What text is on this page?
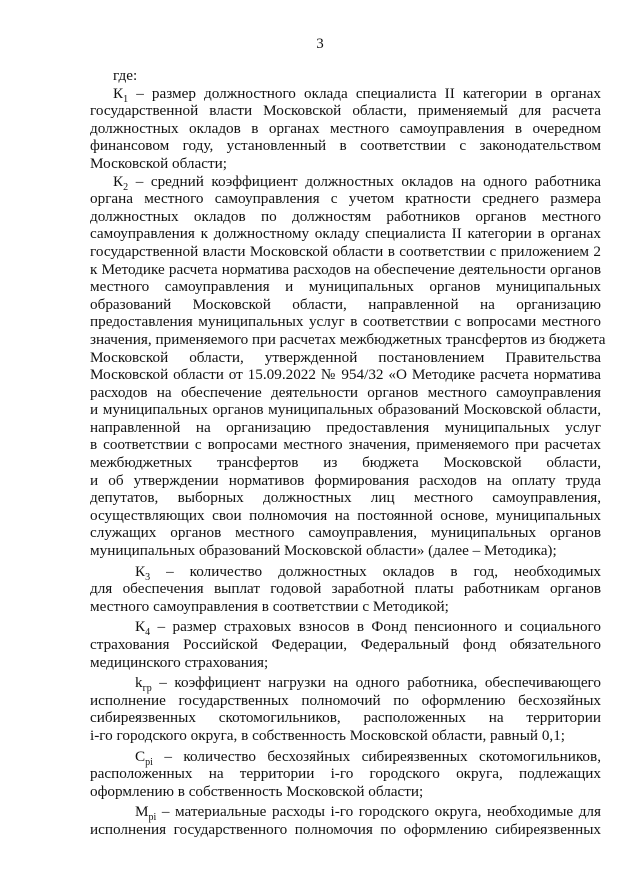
3
где:
$К_1$ – размер должностного оклада специалиста II категории в органах
государственной власти Московской области, применяемый для расчета
должностных окладов в органах местного самоуправления в очередном
финансовом году, установленный в соответствии с законодательством
Московской области;
$К_2$ – средний коэффициент должностных окладов на одного работника
органа местного самоуправления с учетом кратности среднего размера
должностных окладов по должностям работников органов местного
самоуправления к должностному окладу специалиста II категории в органах
государственной власти Московской области в соответствии с приложением 2
к Методике расчета норматива расходов на обеспечение деятельности органов
местного самоуправления и муниципальных органов муниципальных
образований Московской области, направленной на организацию
предоставления муниципальных услуг в соответствии с вопросами местного
значения, применяемого при расчетах межбюджетных трансфертов из бюджета
Московской области, утвержденной постановлением Правительства
Московской области от 15.09.2022 № 954/32 «О Методике расчета норматива
расходов на обеспечение деятельности органов местного самоуправления
и муниципальных органов муниципальных образований Московской области,
направленной на организацию предоставления муниципальных услуг
в соответствии с вопросами местного значения, применяемого при расчетах
межбюджетных трансфертов из бюджета Московской области,
и об утверждении нормативов формирования расходов на оплату труда
депутатов, выборных должностных лиц местного самоуправления,
осуществляющих свои полномочия на постоянной основе, муниципальных
служащих органов местного самоуправления, муниципальных органов
муниципальных образований Московской области» (далее – Методика);
$К_3$ – количество должностных окладов в год, необходимых
для обеспечения выплат годовой заработной платы работникам органов
местного самоуправления в соответствии с Методикой;
$К_4$ – размер страховых взносов в Фонд пенсионного и социального
страхования Российской Федерации, Федеральный фонд обязательного
медицинского страхования;
$k_{гр}$ – коэффициент нагрузки на одного работника, обеспечивающего
исполнение государственных полномочий по оформлению бесхозяйных
сибиреязвенных скотомогильников, расположенных на территории
i-го городского округа, в собственность Московской области, равный 0,1;
$С_{pi}$ – количество бесхозяйных сибиреязвенных скотомогильников,
расположенных на территории i-го городского округа, подлежащих
оформлению в собственность Московской области;
$М_{pi}$ – материальные расходы i-го городского округа, необходимые для
исполнения государственного полномочия по оформлению сибиреязвенных
